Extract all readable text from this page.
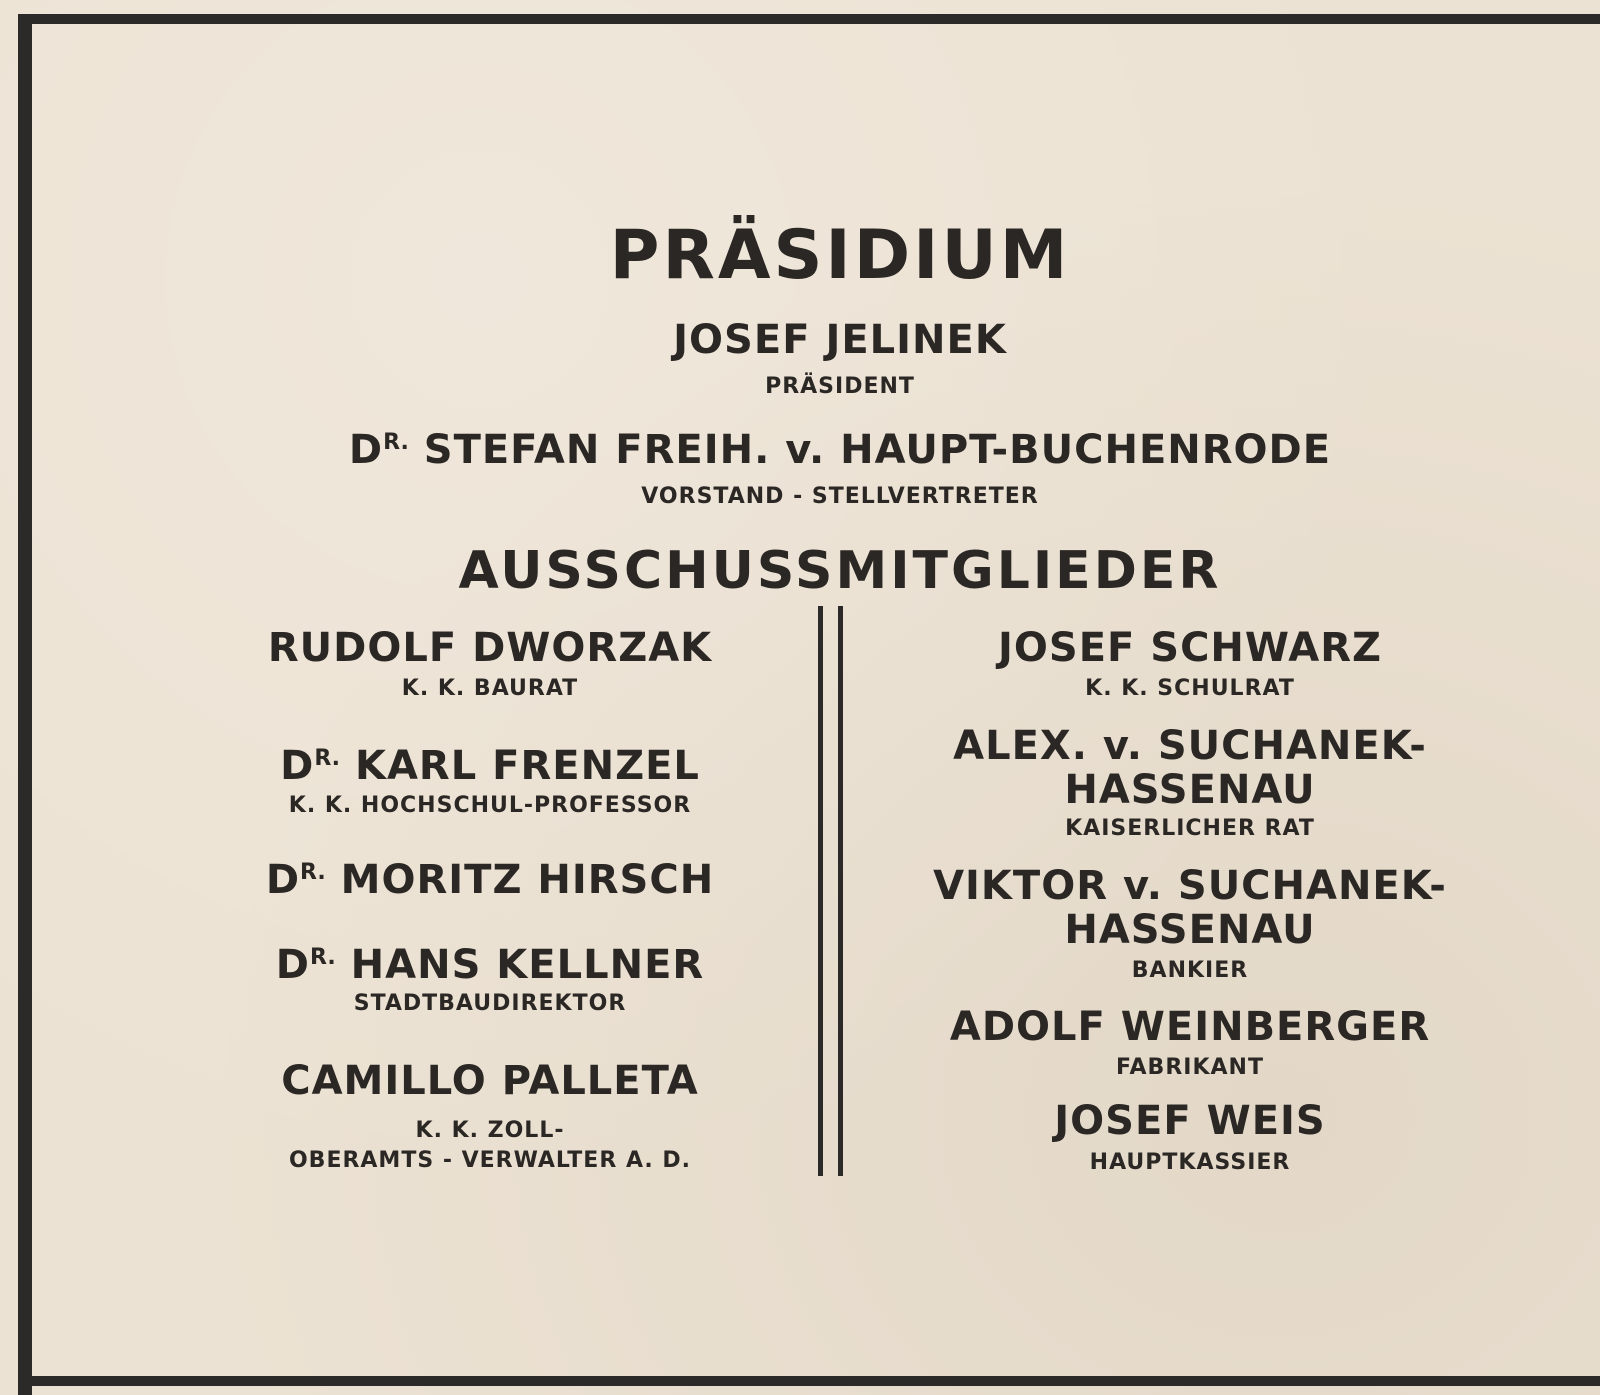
PRÄSIDIUM
JOSEF JELINEK
PRÄSIDENT
$D^{R.}$ STEFAN FREIH. v. HAUPT-BUCHENRODE
VORSTAND - STELLVERTRETER
AUSSCHUSSMITGLIEDER
RUDOLF DWORZAK
K. K. BAURAT
$D^{R.}$ KARL FRENZEL
K. K. HOCHSCHUL-PROFESSOR
$D^{R.}$ MORITZ HIRSCH
$D^{R.}$ HANS KELLNER
STADTBAUDIREKTOR
CAMILLO PALLETA
K. K. ZOLL-
OBERAMTS - VERWALTER A. D.
JOSEF SCHWARZ
K. K. SCHULRAT
ALEX. v. SUCHANEK-
HASSENAU
KAISERLICHER RAT
VIKTOR v. SUCHANEK-
HASSENAU
BANKIER
ADOLF WEINBERGER
FABRIKANT
JOSEF WEIS
HAUPTKASSIER
